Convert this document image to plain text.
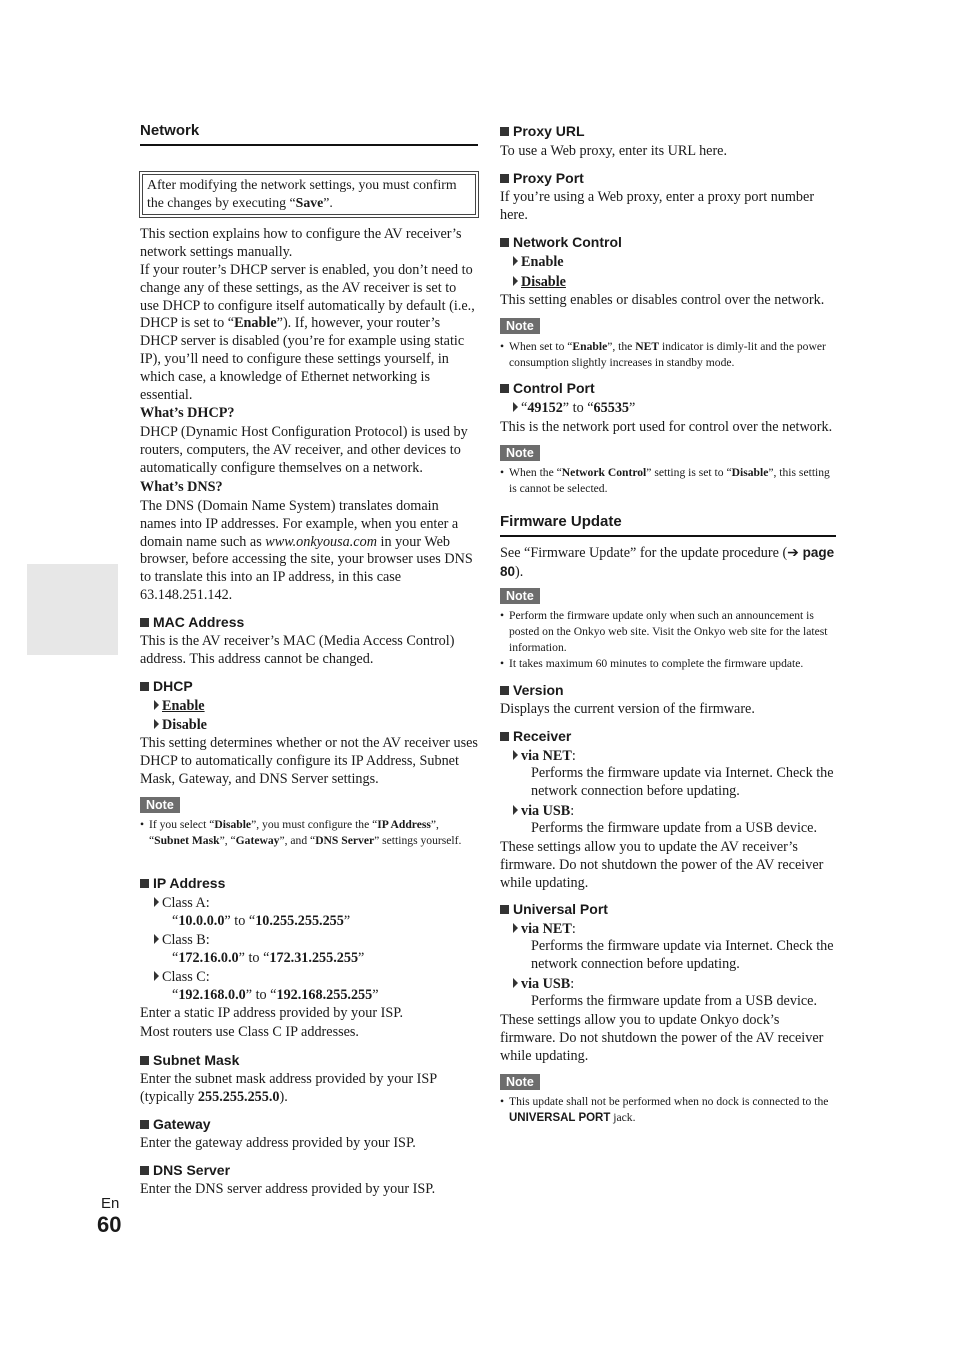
Network
After modifying the network settings, you must confirm the changes by executing “Save”.
This section explains how to configure the AV receiver’s network settings manually.
If your router’s DHCP server is enabled, you don’t need to change any of these settings, as the AV receiver is set to use DHCP to configure itself automatically by default (i.e., DHCP is set to “Enable”). If, however, your router’s DHCP server is disabled (you’re for example using static IP), you’ll need to configure these settings yourself, in which case, a knowledge of Ethernet networking is essential.
What’s DHCP?
DHCP (Dynamic Host Configuration Protocol) is used by routers, computers, the AV receiver, and other devices to automatically configure themselves on a network.
What’s DNS?
The DNS (Domain Name System) translates domain names into IP addresses. For example, when you enter a domain name such as www.onkyousa.com in your Web browser, before accessing the site, your browser uses DNS to translate this into an IP address, in this case 63.148.251.142.
MAC Address
This is the AV receiver’s MAC (Media Access Control) address. This address cannot be changed.
DHCP
Enable
Disable
This setting determines whether or not the AV receiver uses DHCP to automatically configure its IP Address, Subnet Mask, Gateway, and DNS Server settings.
Note
• If you select “Disable”, you must configure the “IP Address”, “Subnet Mask”, “Gateway”, and “DNS Server” settings yourself.
IP Address
Class A:
“10.0.0.0” to “10.255.255.255”
Class B:
“172.16.0.0” to “172.31.255.255”
Class C:
“192.168.0.0” to “192.168.255.255”
Enter a static IP address provided by your ISP.
Most routers use Class C IP addresses.
Subnet Mask
Enter the subnet mask address provided by your ISP (typically 255.255.255.0).
Gateway
Enter the gateway address provided by your ISP.
DNS Server
Enter the DNS server address provided by your ISP.
Proxy URL
To use a Web proxy, enter its URL here.
Proxy Port
If you’re using a Web proxy, enter a proxy port number here.
Network Control
Enable
Disable
This setting enables or disables control over the network.
Note
• When set to “Enable”, the NET indicator is dimly-lit and the power consumption slightly increases in standby mode.
Control Port
“49152” to “65535”
This is the network port used for control over the network.
Note
• When the “Network Control” setting is set to “Disable”, this setting is cannot be selected.
Firmware Update
See “Firmware Update” for the update procedure (➔ page 80).
Note
• Perform the firmware update only when such an announcement is posted on the Onkyo web site. Visit the Onkyo web site for the latest information.
• It takes maximum 60 minutes to complete the firmware update.
Version
Displays the current version of the firmware.
Receiver
via NET:
Performs the firmware update via Internet. Check the network connection before updating.
via USB:
Performs the firmware update from a USB device.
These settings allow you to update the AV receiver’s firmware. Do not shutdown the power of the AV receiver while updating.
Universal Port
via NET:
Performs the firmware update via Internet. Check the network connection before updating.
via USB:
Performs the firmware update from a USB device.
These settings allow you to update Onkyo dock’s firmware. Do not shutdown the power of the AV receiver while updating.
Note
• This update shall not be performed when no dock is connected to the UNIVERSAL PORT jack.
En
60
